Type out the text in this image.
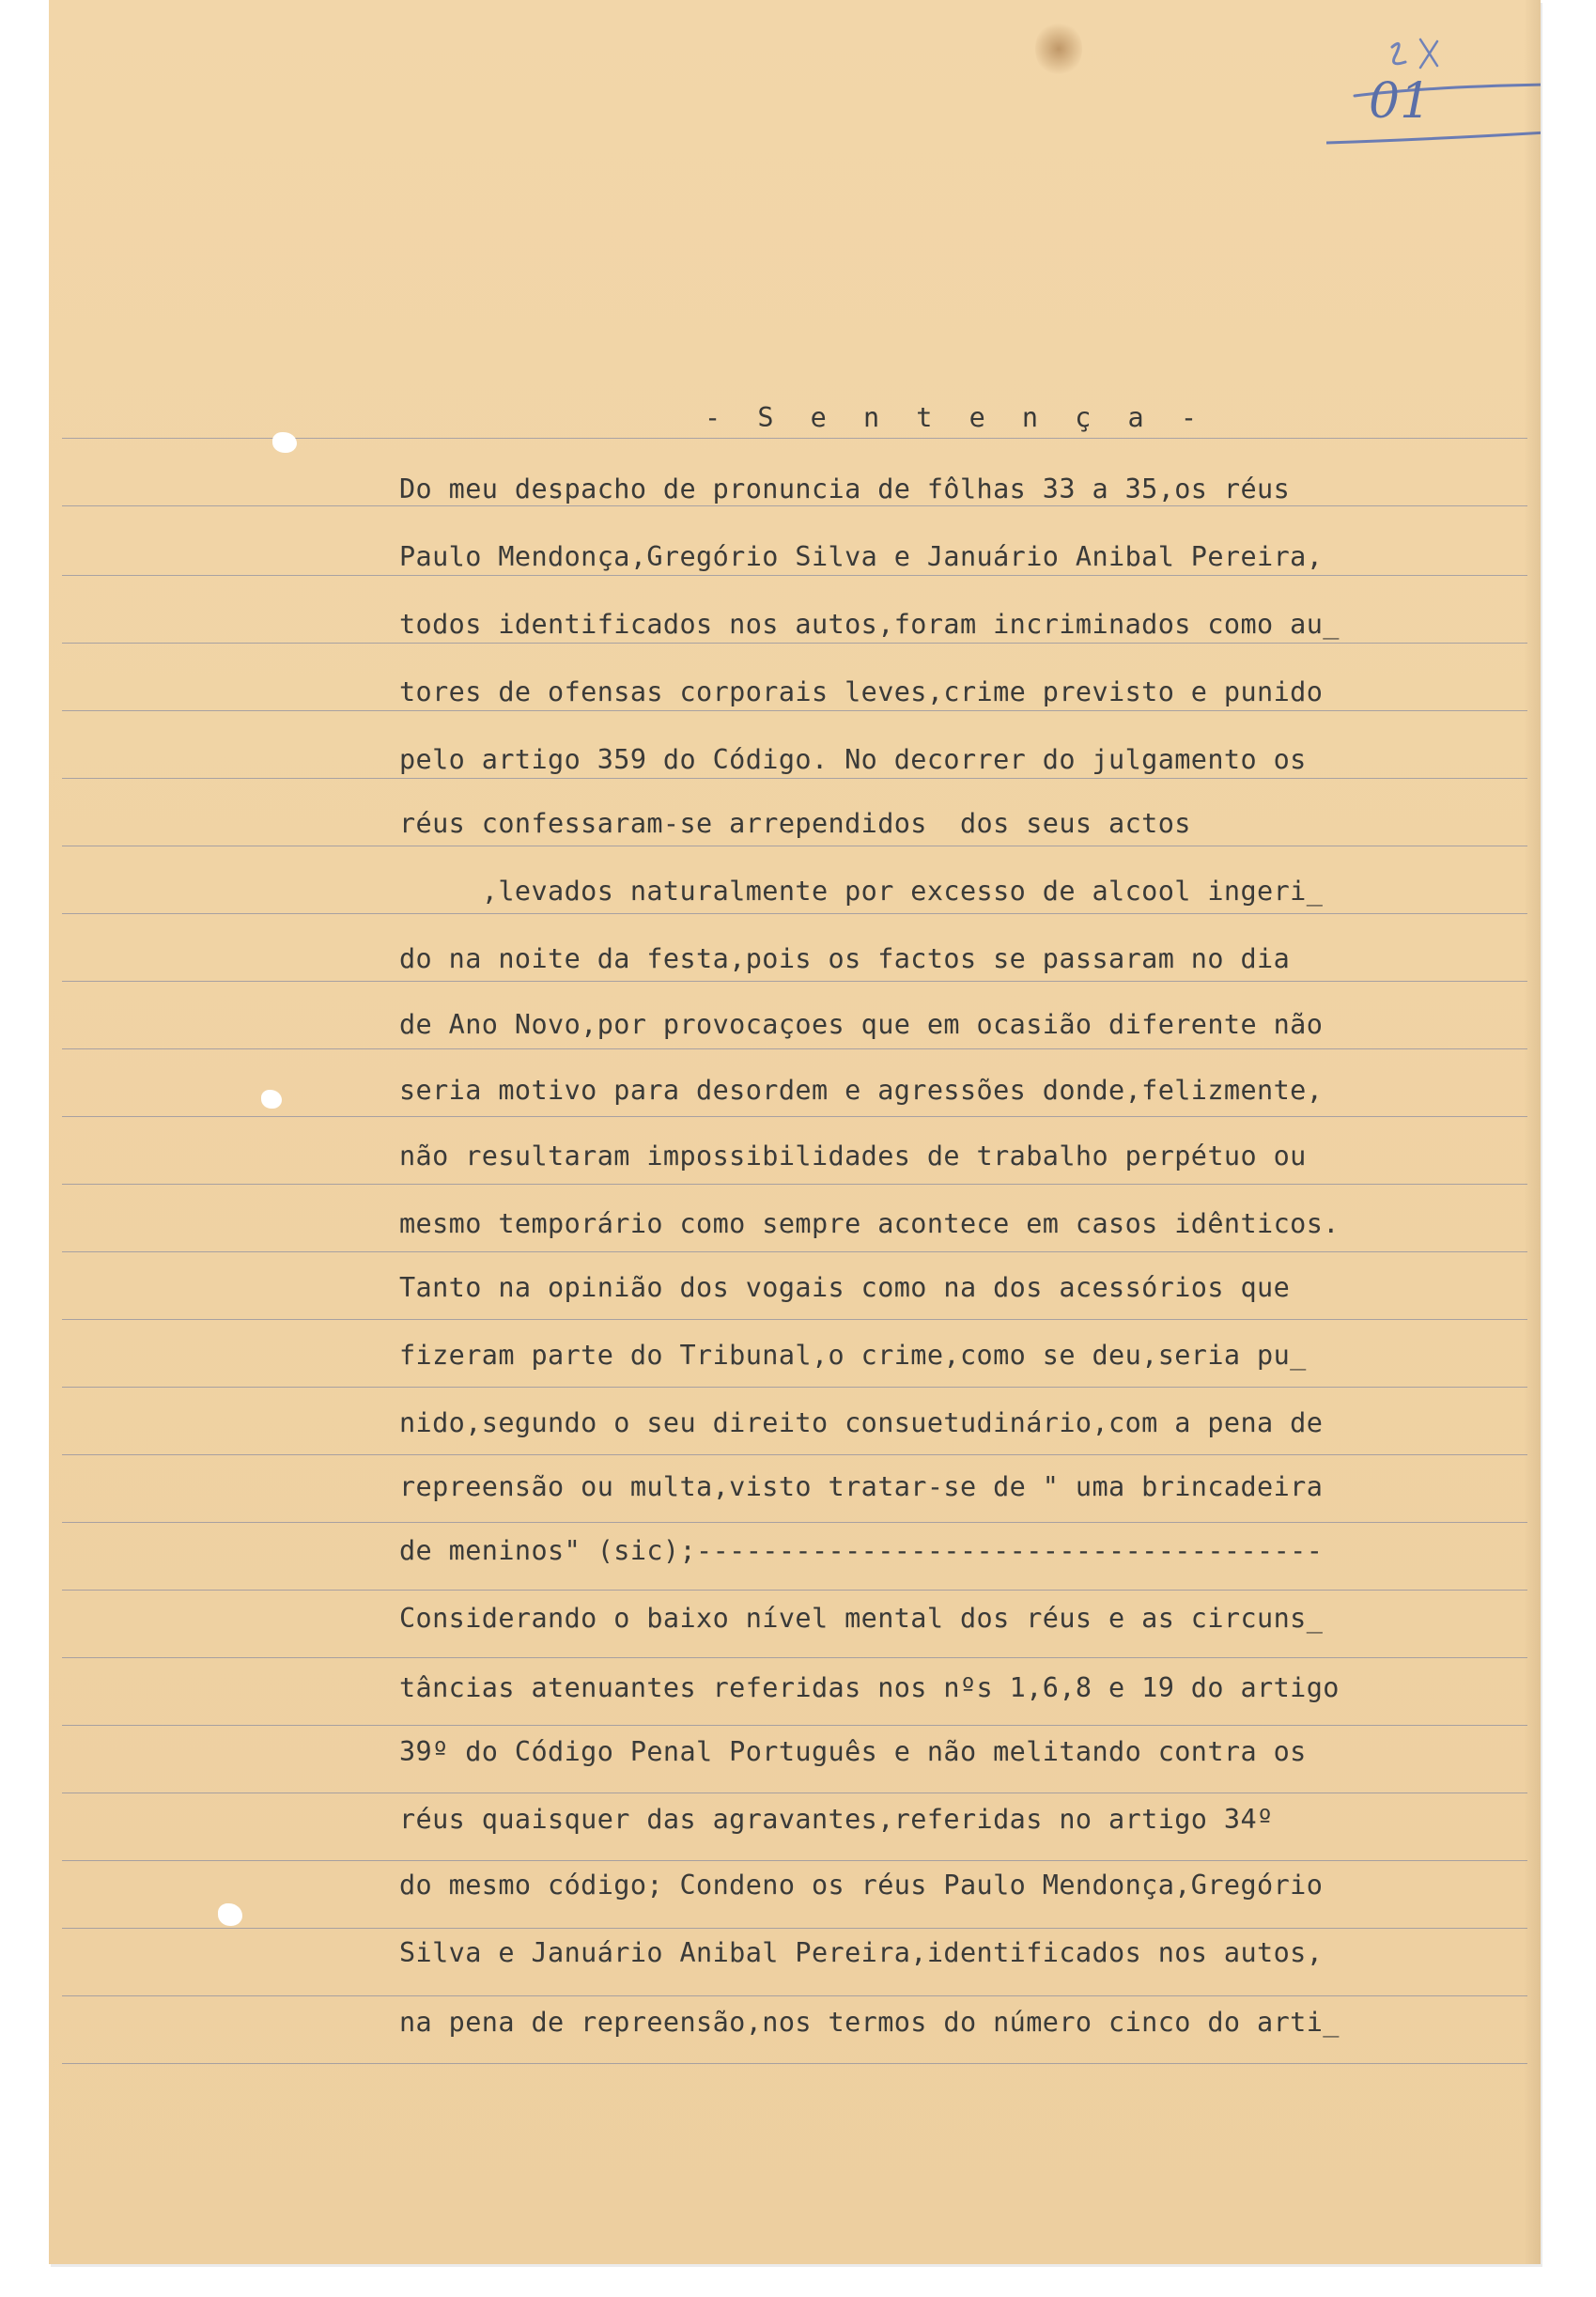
01
- S e n t e n ç a -
Do meu despacho de pronuncia de fôlhas 33 a 35,os réus
Paulo Mendonça,Gregório Silva e Januário Anibal Pereira,
todos identificados nos autos,foram incriminados como au_
tores de ofensas corporais leves,crime previsto e punido
pelo artigo 359 do Código. No decorrer do julgamento os
réus confessaram-se arrependidos  dos seus actos
,levados naturalmente por excesso de alcool ingeri_
do na noite da festa,pois os factos se passaram no dia
de Ano Novo,por provocaçoes que em ocasião diferente não
seria motivo para desordem e agressões donde,felizmente,
não resultaram impossibilidades de trabalho perpétuo ou
mesmo temporário como sempre acontece em casos idênticos.
Tanto na opinião dos vogais como na dos acessórios que
fizeram parte do Tribunal,o crime,como se deu,seria pu_
nido,segundo o seu direito consuetudinário,com a pena de
repreensão ou multa,visto tratar-se de " uma brincadeira
de meninos" (sic);--------------------------------------
Considerando o baixo nível mental dos réus e as circuns_
tâncias atenuantes referidas nos nºs 1,6,8 e 19 do artigo
39º do Código Penal Português e não melitando contra os
réus quaisquer das agravantes,referidas no artigo 34º
do mesmo código; Condeno os réus Paulo Mendonça,Gregório
Silva e Januário Anibal Pereira,identificados nos autos,
na pena de repreensão,nos termos do número cinco do arti_
